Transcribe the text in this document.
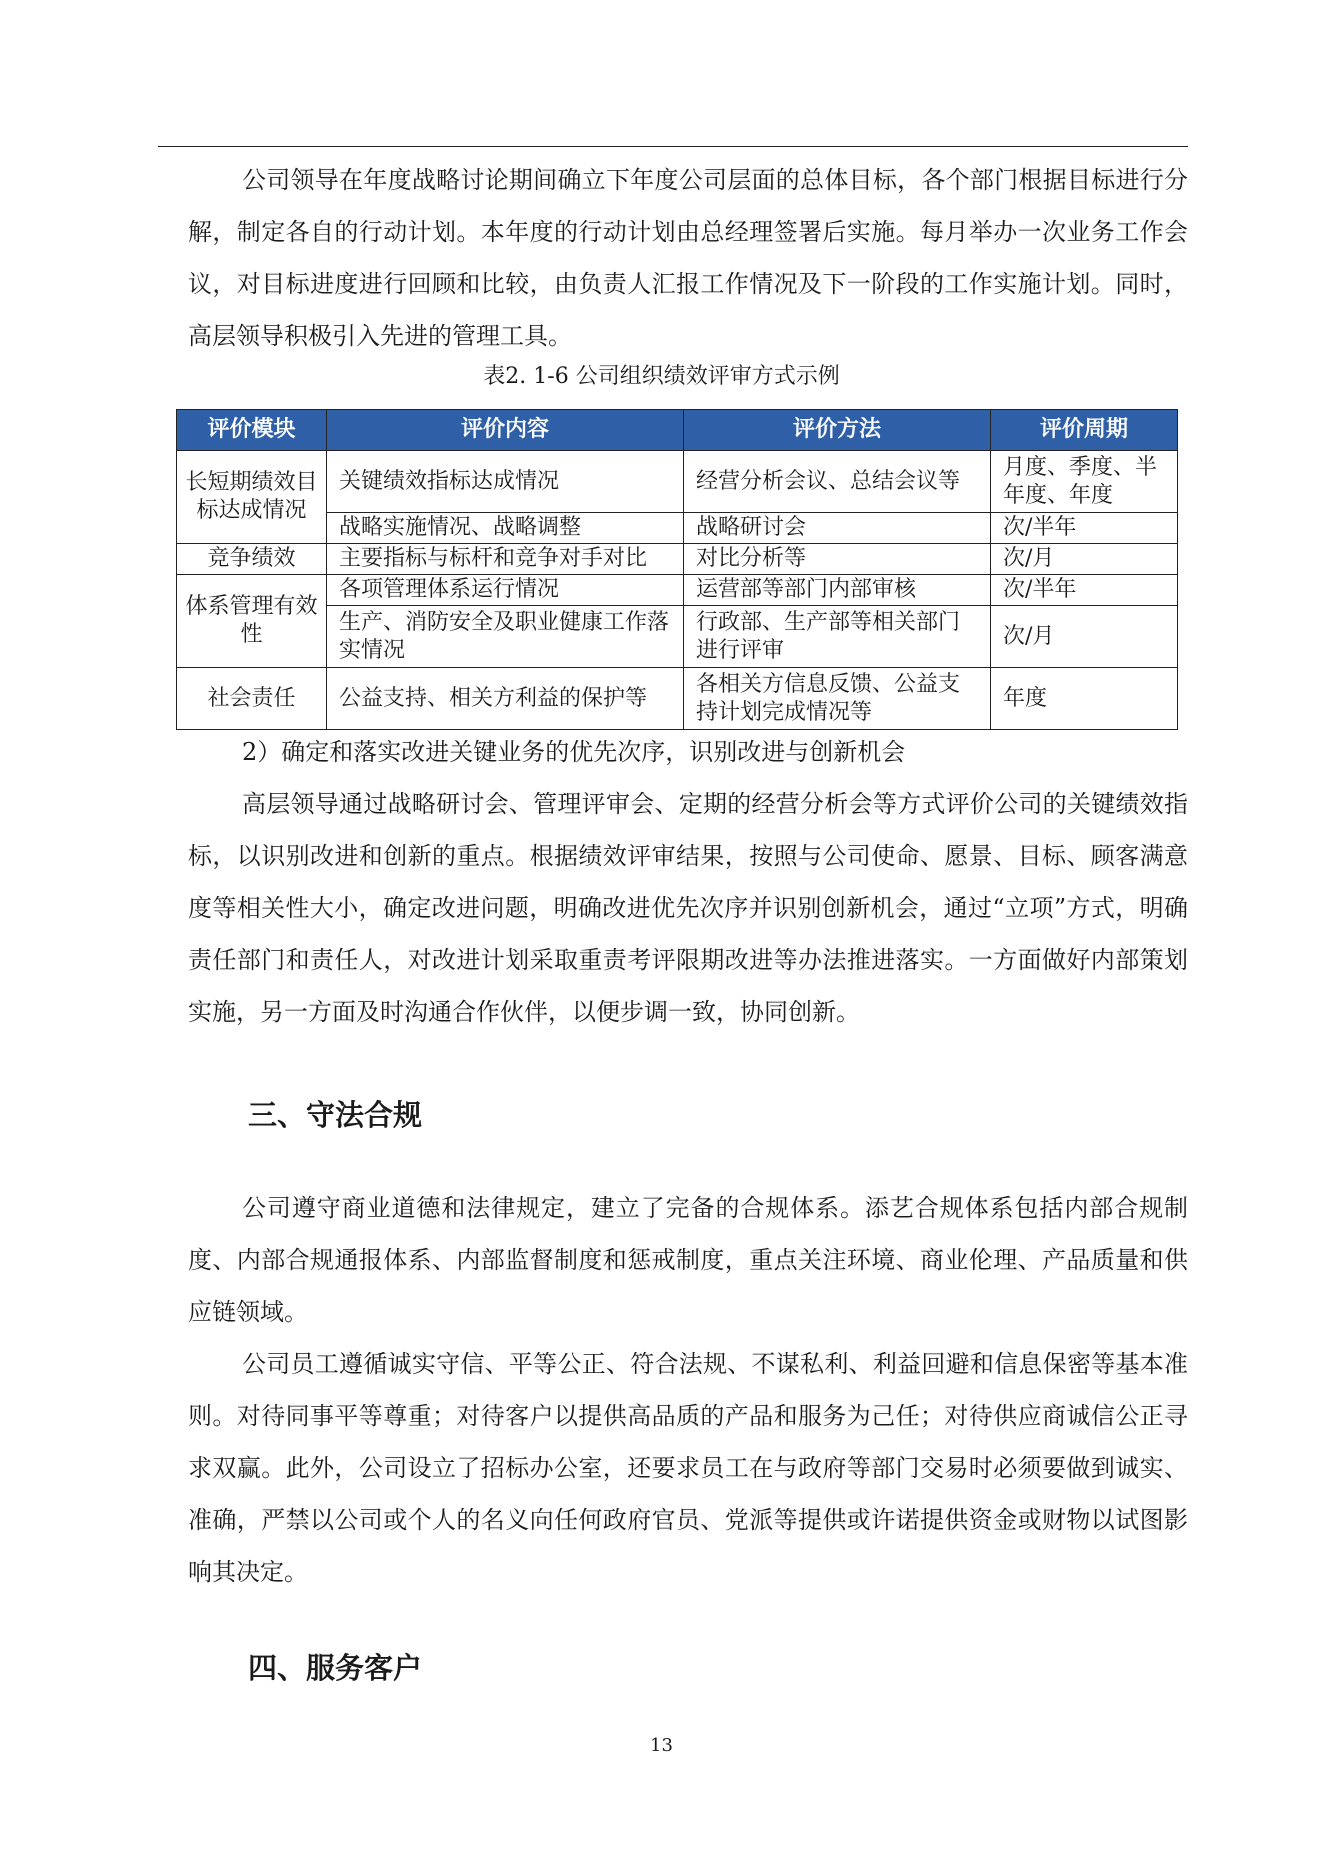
公司领导在年度战略讨论期间确立下年度公司层面的总体目标，各个部门根据目标进行分解，制定各自的行动计划。本年度的行动计划由总经理签署后实施。每月举办一次业务工作会议，对目标进度进行回顾和比较，由负责人汇报工作情况及下一阶段的工作实施计划。同时，高层领导积极引入先进的管理工具。

表2. 1-6 公司组织绩效评审方式示例
评价模块	评价内容	评价方法	评价周期
长短期绩效目标达成情况	关键绩效指标达成情况	经营分析会议、总结会议等	月度、季度、半年度、年度
	战略实施情况、战略调整	战略研讨会	次/半年
竞争绩效	主要指标与标杆和竞争对手对比	对比分析等	次/月
体系管理有效性	各项管理体系运行情况	运营部等部门内部审核	次/半年
	生产、消防安全及职业健康工作落实情况	行政部、生产部等相关部门进行评审	次/月
社会责任	公益支持、相关方利益的保护等	各相关方信息反馈、公益支持计划完成情况等	年度

2）确定和落实改进关键业务的优先次序，识别改进与创新机会

高层领导通过战略研讨会、管理评审会、定期的经营分析会等方式评价公司的关键绩效指标，以识别改进和创新的重点。根据绩效评审结果，按照与公司使命、愿景、目标、顾客满意度等相关性大小，确定改进问题，明确改进优先次序并识别创新机会，通过“立项”方式，明确责任部门和责任人，对改进计划采取重责考评限期改进等办法推进落实。一方面做好内部策划实施，另一方面及时沟通合作伙伴，以便步调一致，协同创新。

三、守法合规

公司遵守商业道德和法律规定，建立了完备的合规体系。添艺合规体系包括内部合规制度、内部合规通报体系、内部监督制度和惩戒制度，重点关注环境、商业伦理、产品质量和供应链领域。

公司员工遵循诚实守信、平等公正、符合法规、不谋私利、利益回避和信息保密等基本准则。对待同事平等尊重；对待客户以提供高品质的产品和服务为己任；对待供应商诚信公正寻求双赢。此外，公司设立了招标办公室，还要求员工在与政府等部门交易时必须要做到诚实、准确，严禁以公司或个人的名义向任何政府官员、党派等提供或许诺提供资金或财物以试图影响其决定。

四、服务客户
13
